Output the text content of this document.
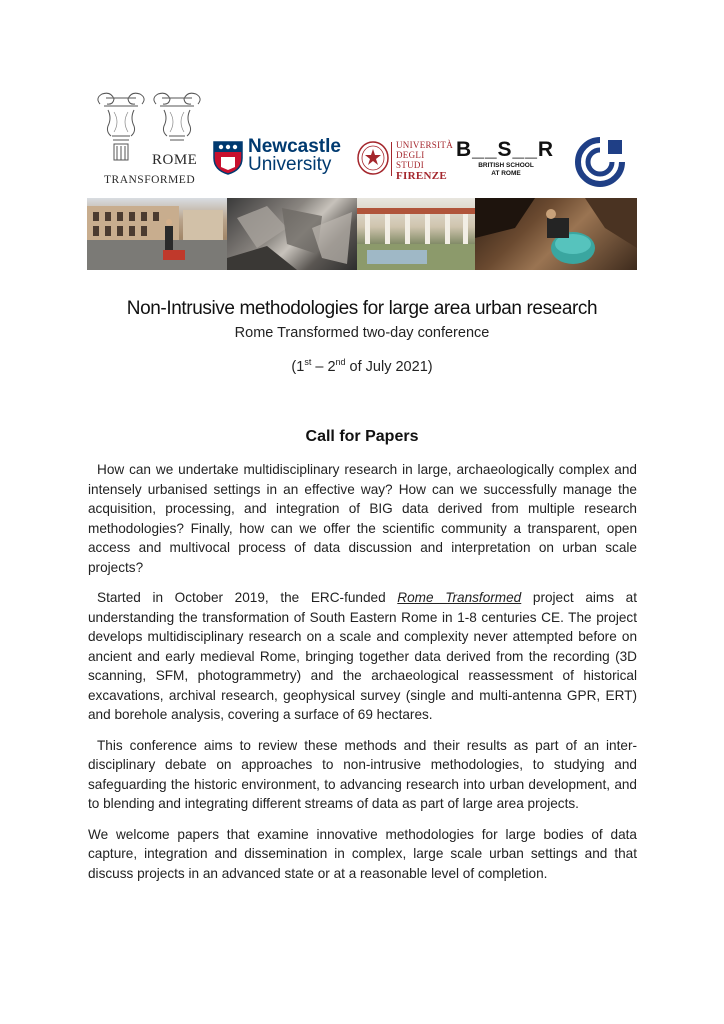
ROME
TRANSFORMED
Newcastle
University
UNIVERSITÀ
DEGLI STUDI
FIRENZE
B__S__R
BRITISH SCHOOL
AT ROME
Non-Intrusive methodologies for large area urban research
Rome Transformed two-day conference
(1st – 2nd of July 2021)
Call for Papers

How can we undertake multidisciplinary research in large, archaeologically complex and intensely urbanised settings in an effective way? How can we successfully manage the acquisition, processing, and integration of BIG data derived from multiple research methodologies? Finally, how can we offer the scientific community a transparent, open access and multivocal process of data discussion and interpretation on urban scale projects?

Started in October 2019, the ERC-funded Rome Transformed project aims at understanding the transformation of South Eastern Rome in 1-8 centuries CE. The project develops multidisciplinary research on a scale and complexity never attempted before on ancient and early medieval Rome, bringing together data derived from the recording (3D scanning, SFM, photogrammetry) and the archaeological reassessment of historical excavations, archival research, geophysical survey (single and multi-antenna GPR, ERT) and borehole analysis, covering a surface of 69 hectares.

This conference aims to review these methods and their results as part of an inter-disciplinary debate on approaches to non-intrusive methodologies, to studying and safeguarding the historic environment, to advancing research into urban development, and to blending and integrating different streams of data as part of large area projects.

We welcome papers that examine innovative methodologies for large bodies of data capture, integration and dissemination in complex, large scale urban settings and that discuss projects in an advanced state or at a reasonable level of completion.
